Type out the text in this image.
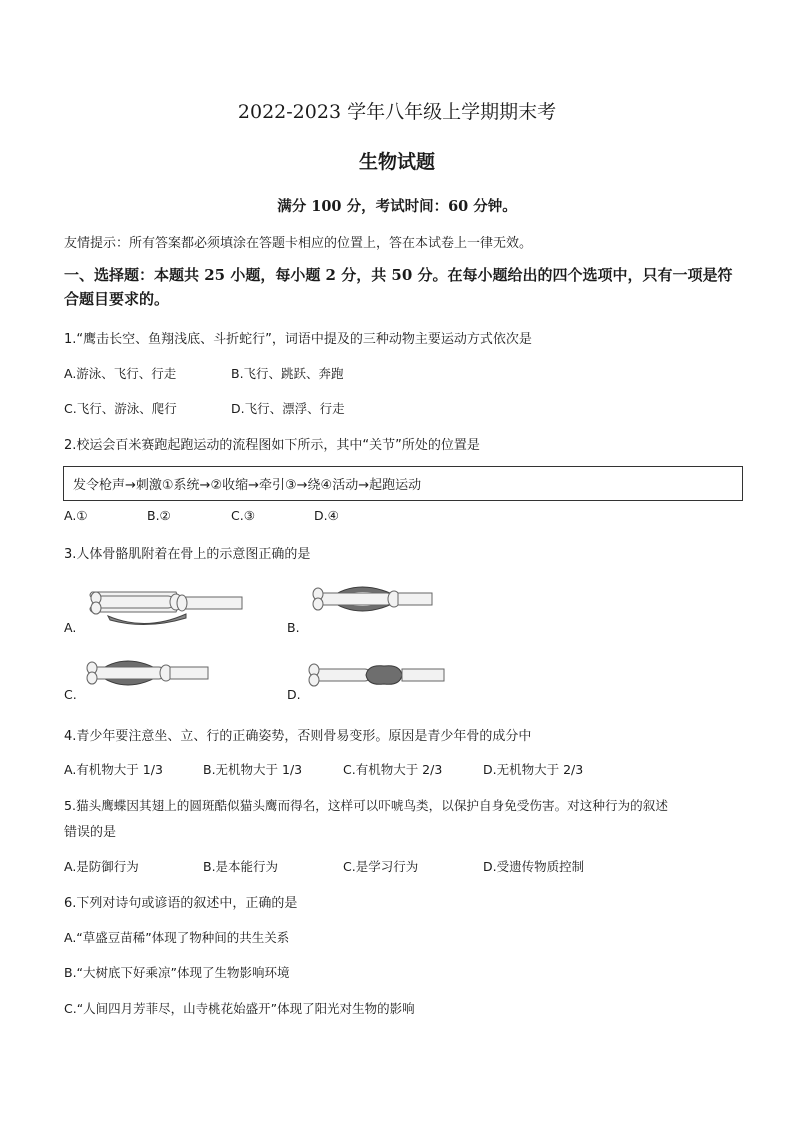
2022-2023 学年八年级上学期期末考
生物试题
满分 100 分，考试时间：60 分钟。
友情提示：所有答案都必须填涂在答题卡相应的位置上，答在本试卷上一律无效。
一、选择题：本题共 25 小题，每小题 2 分，共 50 分。在每小题给出的四个选项中，只有一项是符合题目要求的。
1.“鹰击长空、鱼翔浅底、斗折蛇行”，词语中提及的三种动物主要运动方式依次是
A.游泳、飞行、行走	B.飞行、跳跃、奔跑
C.飞行、游泳、爬行	D.飞行、漂浮、行走
2.校运会百米赛跑起跑运动的流程图如下所示，其中“关节”所处的位置是
发令枪声→刺激①系统→②收缩→牵引③→绕④活动→起跑运动
A.①	B.②	C.③	D.④
3.人体骨骼肌附着在骨上的示意图正确的是
A.	B.
C.	D.
4.青少年要注意坐、立、行的正确姿势，否则骨易变形。原因是青少年骨的成分中
A.有机物大于 1/3	B.无机物大于 1/3	C.有机物大于 2/3	D.无机物大于 2/3
5.猫头鹰蝶因其翅上的圆斑酷似猫头鹰而得名，这样可以吓唬鸟类，以保护自身免受伤害。对这种行为的叙述
错误的是
A.是防御行为	B.是本能行为	C.是学习行为	D.受遗传物质控制
6.下列对诗句或谚语的叙述中，正确的是
A.“草盛豆苗稀”体现了物种间的共生关系
B.“大树底下好乘凉”体现了生物影响环境
C.“人间四月芳菲尽，山寺桃花始盛开”体现了阳光对生物的影响
